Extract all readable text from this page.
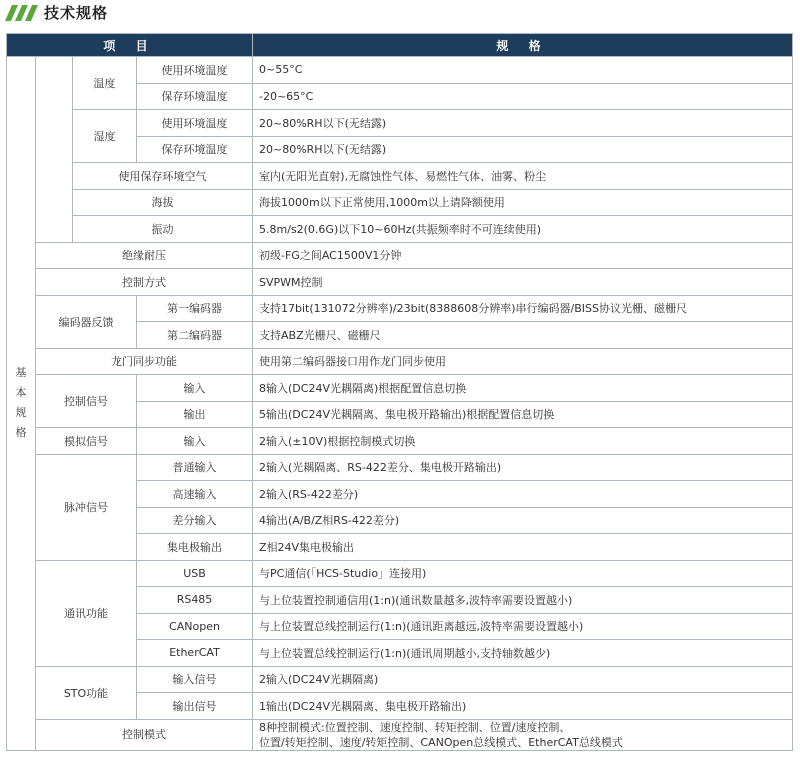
技术规格
项 目				规 格
基
本
规
格		温度	使用环境温度	0~55°C
			保存环境温度	-20~65°C
		湿度	使用环境温度	20~80%RH以下(无结露)
			保存环境温度	20~80%RH以下(无结露)
		使用保存环境空气		室内(无阳光直射),无腐蚀性气体、易燃性气体、油雾、粉尘
		海拔		海拔1000m以下正常使用,1000m以上请降额使用
		振动		5.8m/s2(0.6G)以下10~60Hz(共振频率时不可连续使用)
	绝缘耐压			初级-FG之间AC1500V1分钟
	控制方式			SVPWM控制
	编码器反馈		第一编码器	支持17bit(131072分辨率)/23bit(8388608分辨率)串行编码器/BISS协议光栅、磁栅尺
			第二编码器	支持ABZ光栅尺、磁栅尺
	龙门同步功能			使用第二编码器接口用作龙门同步使用
	控制信号		输入	8输入(DC24V光耦隔离)根据配置信息切换
			输出	5输出(DC24V光耦隔离、集电极开路输出)根据配置信息切换
	模拟信号		输入	2输入(±10V)根据控制模式切换
	脉冲信号		普通输入	2输入(光耦隔离、RS-422差分、集电极开路输出)
			高速输入	2输入(RS-422差分)
			差分输入	4输出(A/B/Z相RS-422差分)
			集电极输出	Z相24V集电极输出
	通讯功能		USB	与PC通信(「HCS-Studio」连接用)
			RS485	与上位装置控制通信用(1:n)(通讯数量越多,波特率需要设置越小)
			CANopen	与上位装置总线控制运行(1:n)(通讯距离越远,波特率需要设置越小)
			EtherCAT	与上位装置总线控制运行(1:n)(通讯周期越小,支持轴数越少)
	STO功能		输入信号	2输入(DC24V光耦隔离)
			输出信号	1输出(DC24V光耦隔离、集电极开路输出)
	控制模式			8种控制模式:位置控制、速度控制、转矩控制、位置/速度控制、
位置/转矩控制、速度/转矩控制、CANOpen总线模式、EtherCAT总线模式
